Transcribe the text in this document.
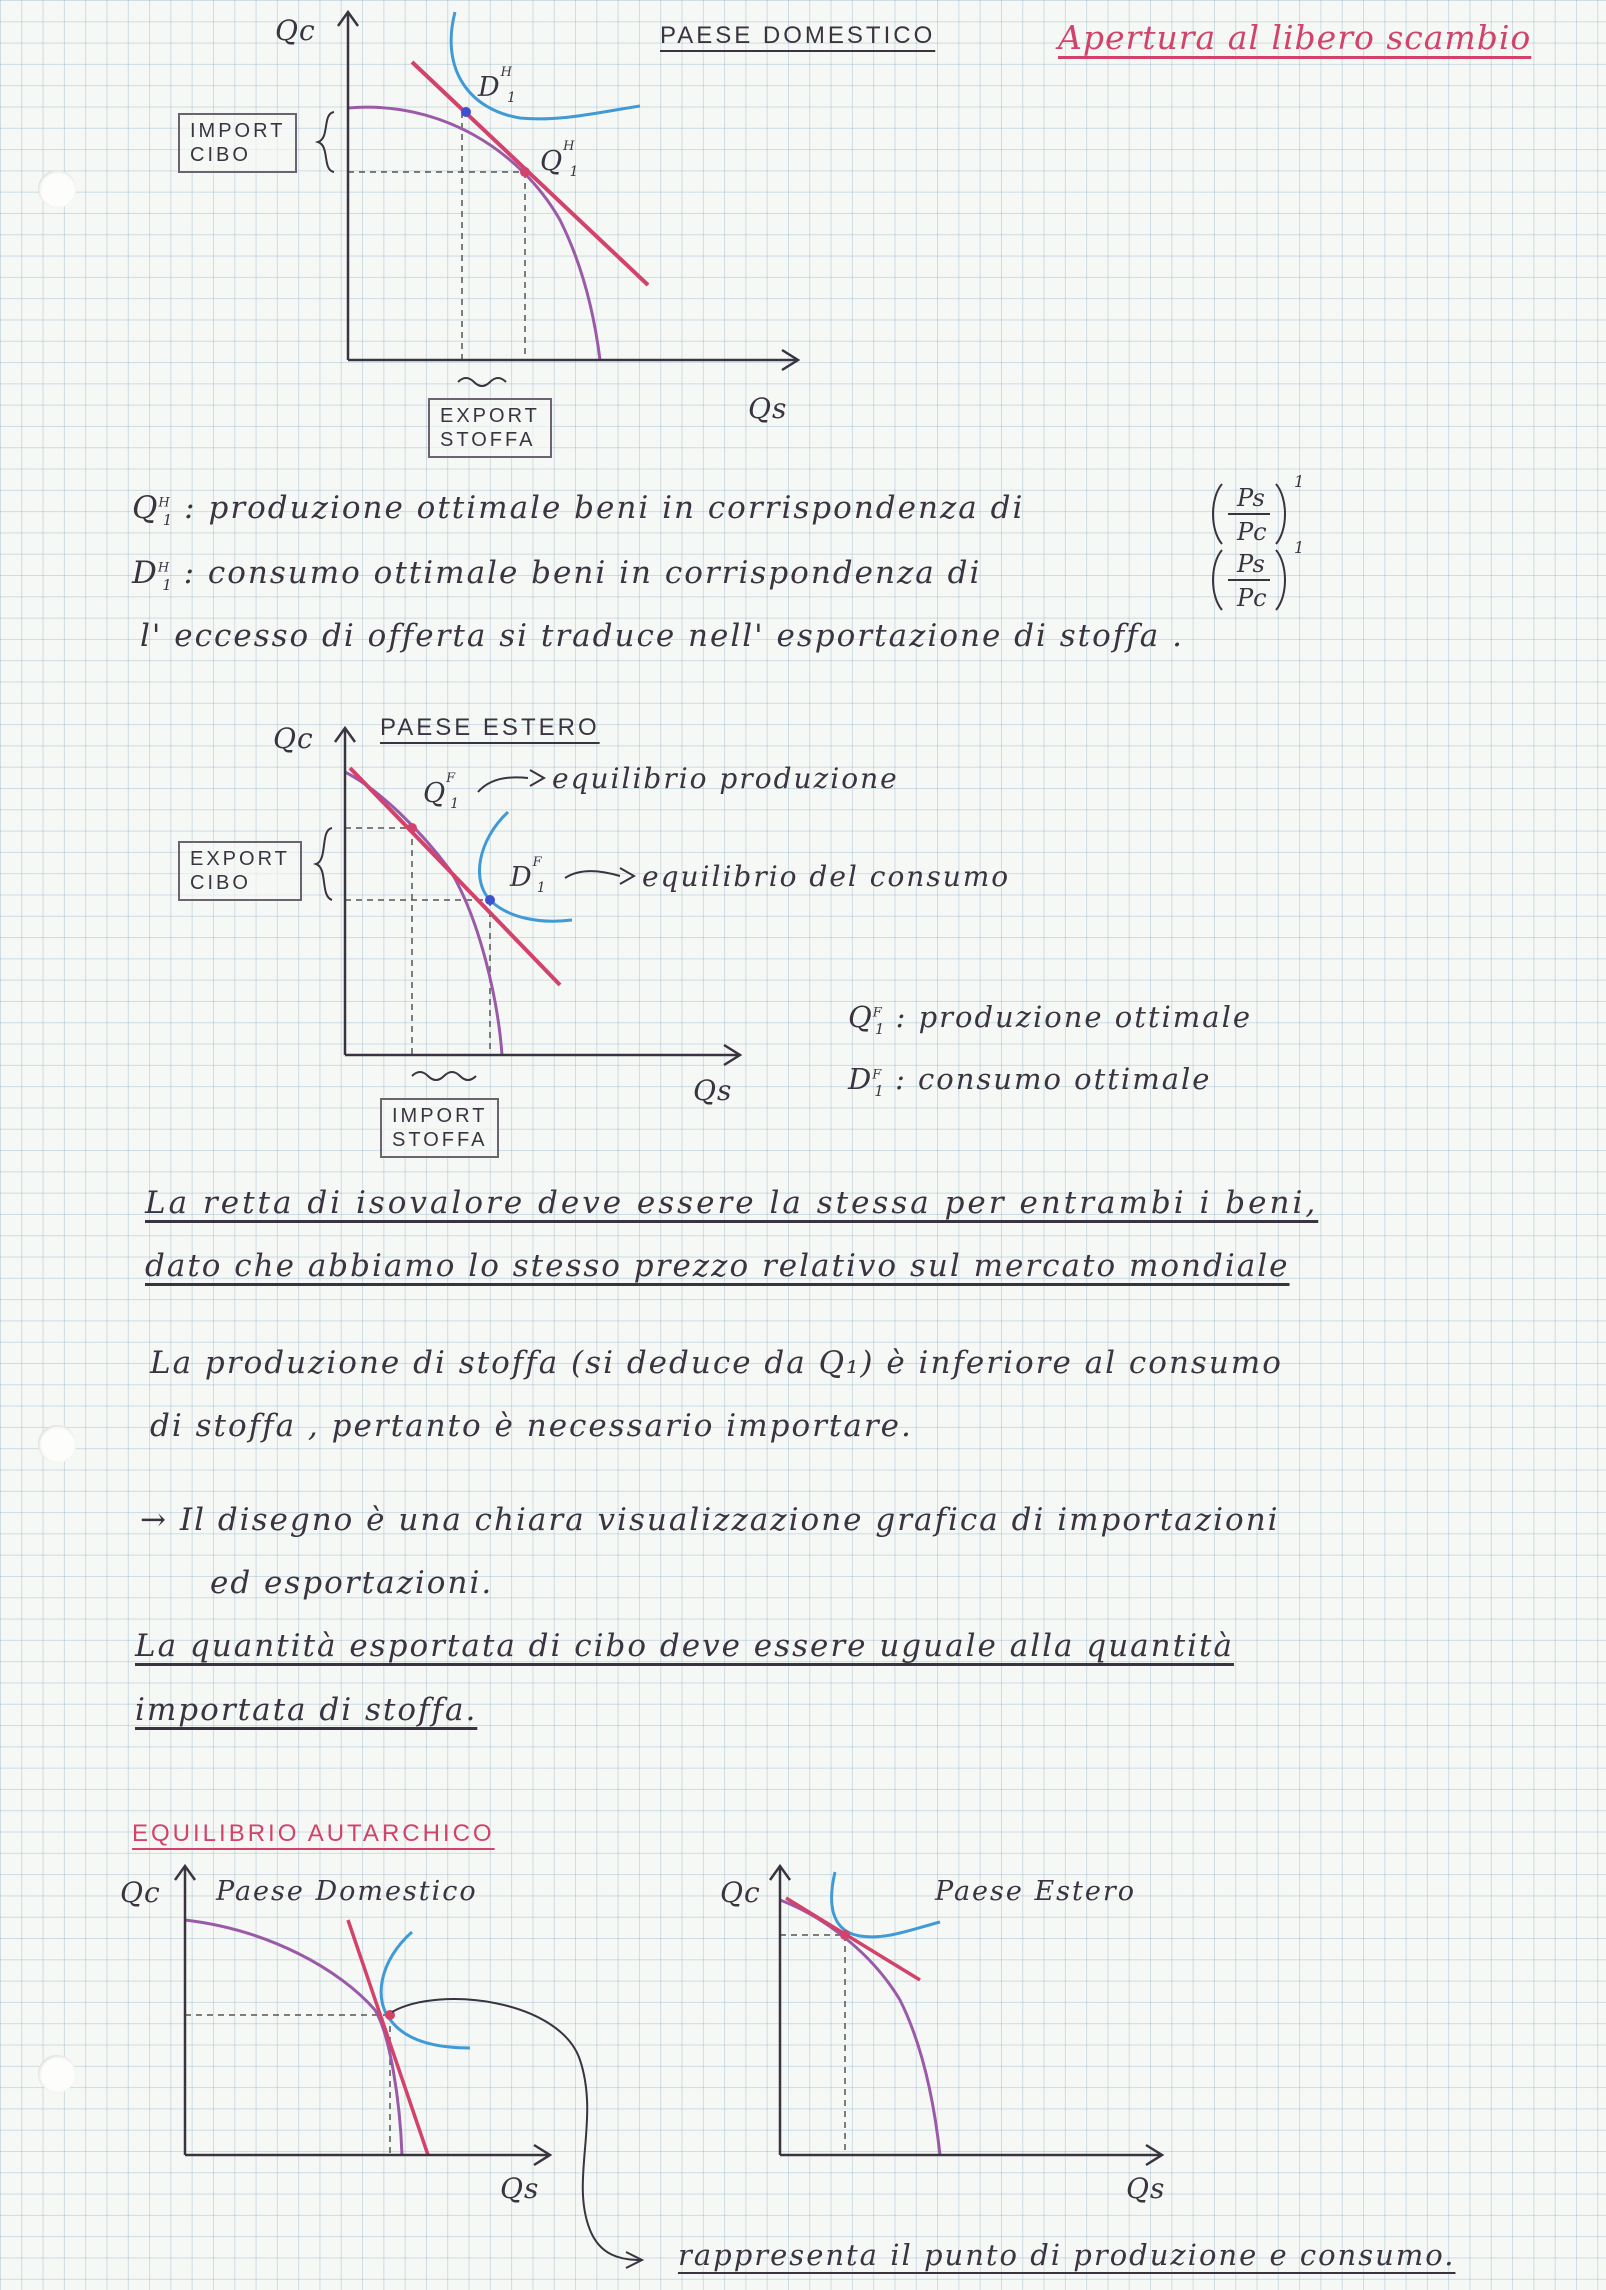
PAESE DOMESTICO	Apertura al libero scambio
Qc
Qs
$D^H_1$
$Q^H_1$
IMPORT
CIBO
EXPORT
STOFFA
$Q^H_1$ : produzione ottimale beni in corrispondenza di
$D^H_1$ : consumo ottimale beni in corrispondenza di
Ps
Pc
1
Ps
Pc
1
l' eccesso di offerta si traduce nell' esportazione di stoffa .
PAESE ESTERO
Qc
Qs
$Q^F_1$
$D^F_1$
equilibrio produzione
equilibrio del consumo
EXPORT
CIBO
IMPORT
STOFFA
$Q^F_1$ : produzione ottimale
$D^F_1$ : consumo ottimale
La retta di isovalore deve essere la stessa per entrambi i beni,
dato che abbiamo lo stesso prezzo relativo sul mercato mondiale
La produzione di stoffa (si deduce da Q₁) è inferiore al consumo
di stoffa , pertanto è necessario importare.
→ Il disegno è una chiara visualizzazione grafica di importazioni
ed esportazioni.
La quantità esportata di cibo deve essere uguale alla quantità
importata di stoffa.
EQUILIBRIO AUTARCHICO
Qc Paese Domestico
Qs
Qc	Paese Estero
Qs
rappresenta il punto di produzione e consumo.
